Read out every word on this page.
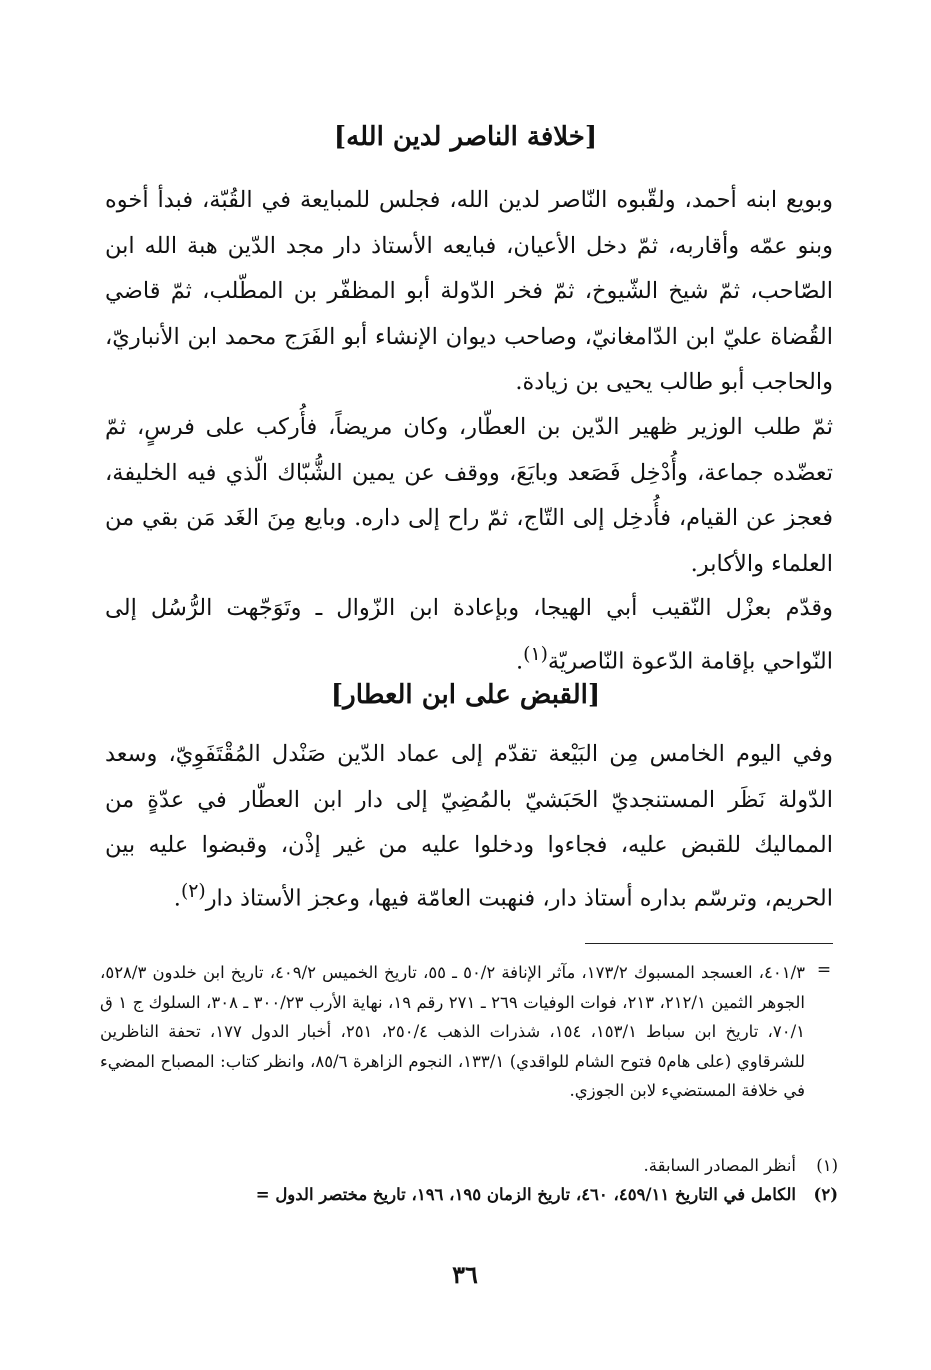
[خلافة الناصر لدين الله]
وبويع ابنه أحمد، ولقّبوه النّاصر لدين الله، فجلس للمبايعة في القُبّة، فبدأ أخوه وبنو عمّه وأقاربه، ثمّ دخل الأعيان، فبايعه الأستاذ دار مجد الدّين هبة الله ابن الصّاحب، ثمّ شيخ الشّيوخ، ثمّ فخر الدّولة أبو المظفّر بن المطّلب، ثمّ قاضي القُضاة عليّ ابن الدّامغانيّ، وصاحب ديوان الإنشاء أبو الفَرَج محمد ابن الأنباريّ، والحاجب أبو طالب يحيى بن زيادة.
ثمّ طلب الوزير ظهير الدّين بن العطّار، وكان مريضاً، فأُركب على فرسٍ، ثمّ تعضّده جماعة، وأُدْخِل فَصَعد وبايَعَ، ووقف عن يمين الشُّبّاك الّذي فيه الخليفة، فعجز عن القيام، فأُدخِل إلى التّاج، ثمّ راح إلى داره. وبايع مِنَ الغَد مَن بقي من العلماء والأكابر.
وقدّم بعزْل النّقيب أبي الهيجا، وبإعادة ابن الزّوال ـ وتَوَجّهت الرُّسُل إلى النّواحي بإقامة الدّعوة النّاصريّة$^{(١)}$.
[القبض على ابن العطار]
وفي اليوم الخامس مِن البَيْعة تقدّم إلى عماد الدّين صَنْدل المُقْتَفَوِيّ، وسعد الدّولة نَظَر المستنجديّ الحَبَشيّ بالمُضِيّ إلى دار ابن العطّار في عدّةٍ من المماليك للقبض عليه، فجاءوا ودخلوا عليه من غير إذْن، وقبضوا عليه بين الحريم، وترسّم بداره أستاذ دار، فنهبت العامّة فيها، وعجز الأستاذ دار$^{(٢)}$.
=
٤٠١/٣، العسجد المسبوك ١٧٣/٢، مآثر الإنافة ٥٠/٢ ـ ٥٥، تاريخ الخميس ٤٠٩/٢، تاريخ ابن خلدون ٥٢٨/٣، الجوهر الثمين ٢١٢/١، ٢١٣، فوات الوفيات ٢٦٩ ـ ٢٧١ رقم ١٩، نهاية الأرب ٣٠٠/٢٣ ـ ٣٠٨، السلوك ج ١ ق ٧٠/١، تاريخ ابن سباط ١٥٣/١، ١٥٤، شذرات الذهب ٢٥٠/٤، ٢٥١، أخبار الدول ١٧٧، تحفة الناظرين للشرقاوي (على هام٥ فتوح الشام للواقدي) ١٣٣/١، النجوم الزاهرة ٨٥/٦، وانظر كتاب: المصباح المضيء في خلافة المستضيء لابن الجوزي.
(١)
أنظر المصادر السابقة.
(٢)
الكامل في التاريخ ٤٥٩/١١، ٤٦٠، تاريخ الزمان ١٩٥، ١٩٦، تاريخ مختصر الدول =
٣٦
